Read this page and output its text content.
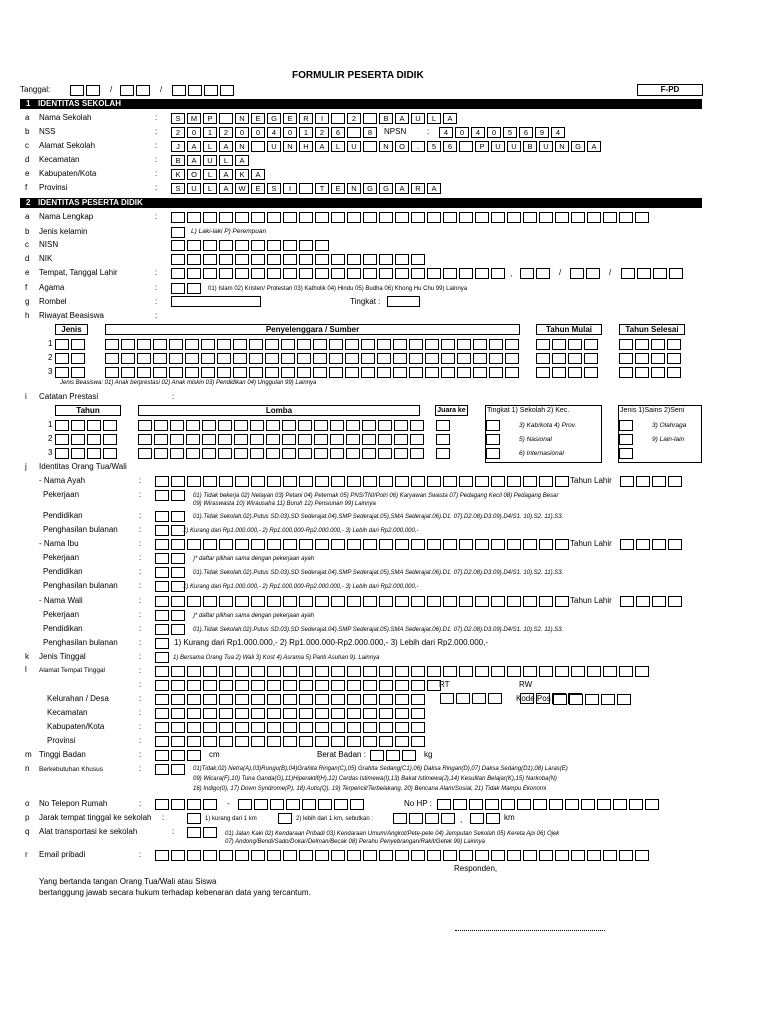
FORMULIR PESERTA DIDIK
Tanggal:	/	/	F-PD
1 IDENTITAS SEKOLAH
a Nama Sekolah	:	S	M	P	N	E	G	E	R	I	2	B	A	U	L	A
b NSS	:	2	0	1	2	0	0	4	0	1	2	6	8
c Alamat Sekolah	:	J	A	L	A	N	U	N	H	A	L	U	N	O	.	5	6	P	U	U	B	U	N	G	A
d Kecamatan	:	B	A	U	L	A
e Kabupaten/Kota	:	K	O	L	A	K	A
f Provinsi	:	S	U	L	A	W	E	S	I	T	E	N	G	G	A	R	A
NPSN	:	4	0	4	0	5	6	9	4
2 IDENTITAS PESERTA DIDIK
a Nama Lengkap	:
b Jenis kelamin	L) Laki-laki P) Perempuan
c NISN
d NIK
e Tempat, Tanggal Lahir	:	,	/	/
f Agama	:	01) Islam 02) Kristen/ Protestan 03) Katholik 04) Hindu 05) Budha 06) Khong Hu Chu 99) Lainnya
g Rombel	:	Tingkat :
h Riwayat Beasiswa	:
Jenis	Penyelenggara / Sumber	Tahun Mulai	Tahun Selesai
1
2
3
Jenis Beasiswa: 01) Anak berprestasi 02) Anak miskin 03) Pendidikan 04) Unggulan 99) Lainnya
i Catatan Prestasi	:
Tahun	Lomba	Juara ke	Tingkat 1) Sekolah 2) Kec.
3) Kab/kota 4) Prov.
5) Nasional
6) Internasional
Jenis 1)Sains 2)Seni
3) Olahraga
9) Lain-lain
1
2
3
j Identitas Orang Tua/Wali
- Nama Ayah	:	Tahun Lahir
Pekerjaan	:	01) Tidak bekerja 02) Nelayan 03) Petani 04) Peternak 05) PNS/TNI/Polri 06) Karyawan Swasta 07) Pedagang Kecil 08) Pedagang Besar
09) Wiraswasta 10) Wirausaha 11) Buruh 12) Pensiunan 99) Lainnya
Pendidikan	:	01).Tidak Sekolah.02).Putus SD.03).SD Sederajat.04).SMP Sederajat.05).SMA Sederajat.06).D1. 07).D2.08).D3.09).D4/S1. 10).S2. 11).S3.
Penghasilan bulanan	:	1) Kurang dari Rp1.000.000,- 2) Rp1.000.000-Rp2.000.000,- 3) Lebih dari Rp2.000.000,-
- Nama Ibu	:	Tahun Lahir
Pekerjaan	:	)* daftar pilihan sama dengan pekerjaan ayah
Pendidikan	:	01).Tidak Sekolah.02).Putus SD.03).SD Sederajat.04).SMP Sederajat.05).SMA Sederajat.06).D1. 07).D2.08).D3.09).D4/S1. 10).S2. 11).S3.
Penghasilan bulanan	:	1) Kurang dari Rp1.000.000,- 2) Rp1.000.000-Rp2.000.000,- 3) Lebih dari Rp2.000.000,-
- Nama Wali	:	Tahun Lahir
Pekerjaan	:	)* daftar pilihan sama dengan pekerjaan ayah
Pendidikan	:	01).Tidak Sekolah.02).Putus SD.03).SD Sederajat.04).SMP Sederajat.05).SMA Sederajat.06).D1. 07).D2.08).D3.09).D4/S1. 10).S2. 11).S3.
Penghasilan bulanan	:	1) Kurang dari Rp1.000.000,- 2) Rp1.000.000-Rp2.000.000,- 3) Lebih dari Rp2.000.000,-
k Jenis Tinggal	:	1) Bersama Orang Tua 2) Wali 3) Kost 4) Asrama 5) Panti Asuhan 9). Lainnya
l Alamat Tempat Tinggal	:
:	RT	RW
Kelurahan / Desa	:	Kode Pos
Kecamatan	:
Kabupaten/Kota	:
Provinsi	:
m Tinggi Badan	:	cm	Berat Badan :	kg
n Berkebutuhan Khusus	:	01)Tidak,02) Netra(A),03)Rungu(B),04)Grahita Ringan(C),05) Grahita Sedang(C1),06) Daksa Ringan(D),07) Daksa Sedang(D1),08) Laras(E)
09) Wicara(F),10) Tuna Ganda(G),11)Hiperaktif(H),12) Cerdas Istimewa(I),13) Bakat Istimewa(J),14) Kesulitan Belajar(K),15) Narkoba(N)
16) Indigo(0), 17) Down Syndrome(P), 18) Autis(Q), 19) Terpencil/Terbelakang, 20) Bencana Alam/Sosial, 21) Tidak Mampu Ekonomi
o No Telepon Rumah	:	-	No HP :
p Jarak tempat tinggal ke sekolah :	1) kurang dari 1 km	2) lebih dari 1 km, sebutkan :	,	km
q Alat transportasi ke sekolah	:	01) Jalan Kaki 02) Kendaraan Pribadi 03) Kendaraan Umum/Angkot/Pete-pete 04) Jemputan Sekolah 05) Kereta Api 06) Ojek
07) Andong/Bendi/Sado/Dokar/Delman/Becak 08) Perahu Penyebrangan/Rakit/Getek 99) Lainnya
r Email pribadi	:
Responden,
Yang bertanda tangan Orang Tua/Wali atau Siswa
bertanggung jawab secara hukum terhadap kebenaran data yang tercantum.
